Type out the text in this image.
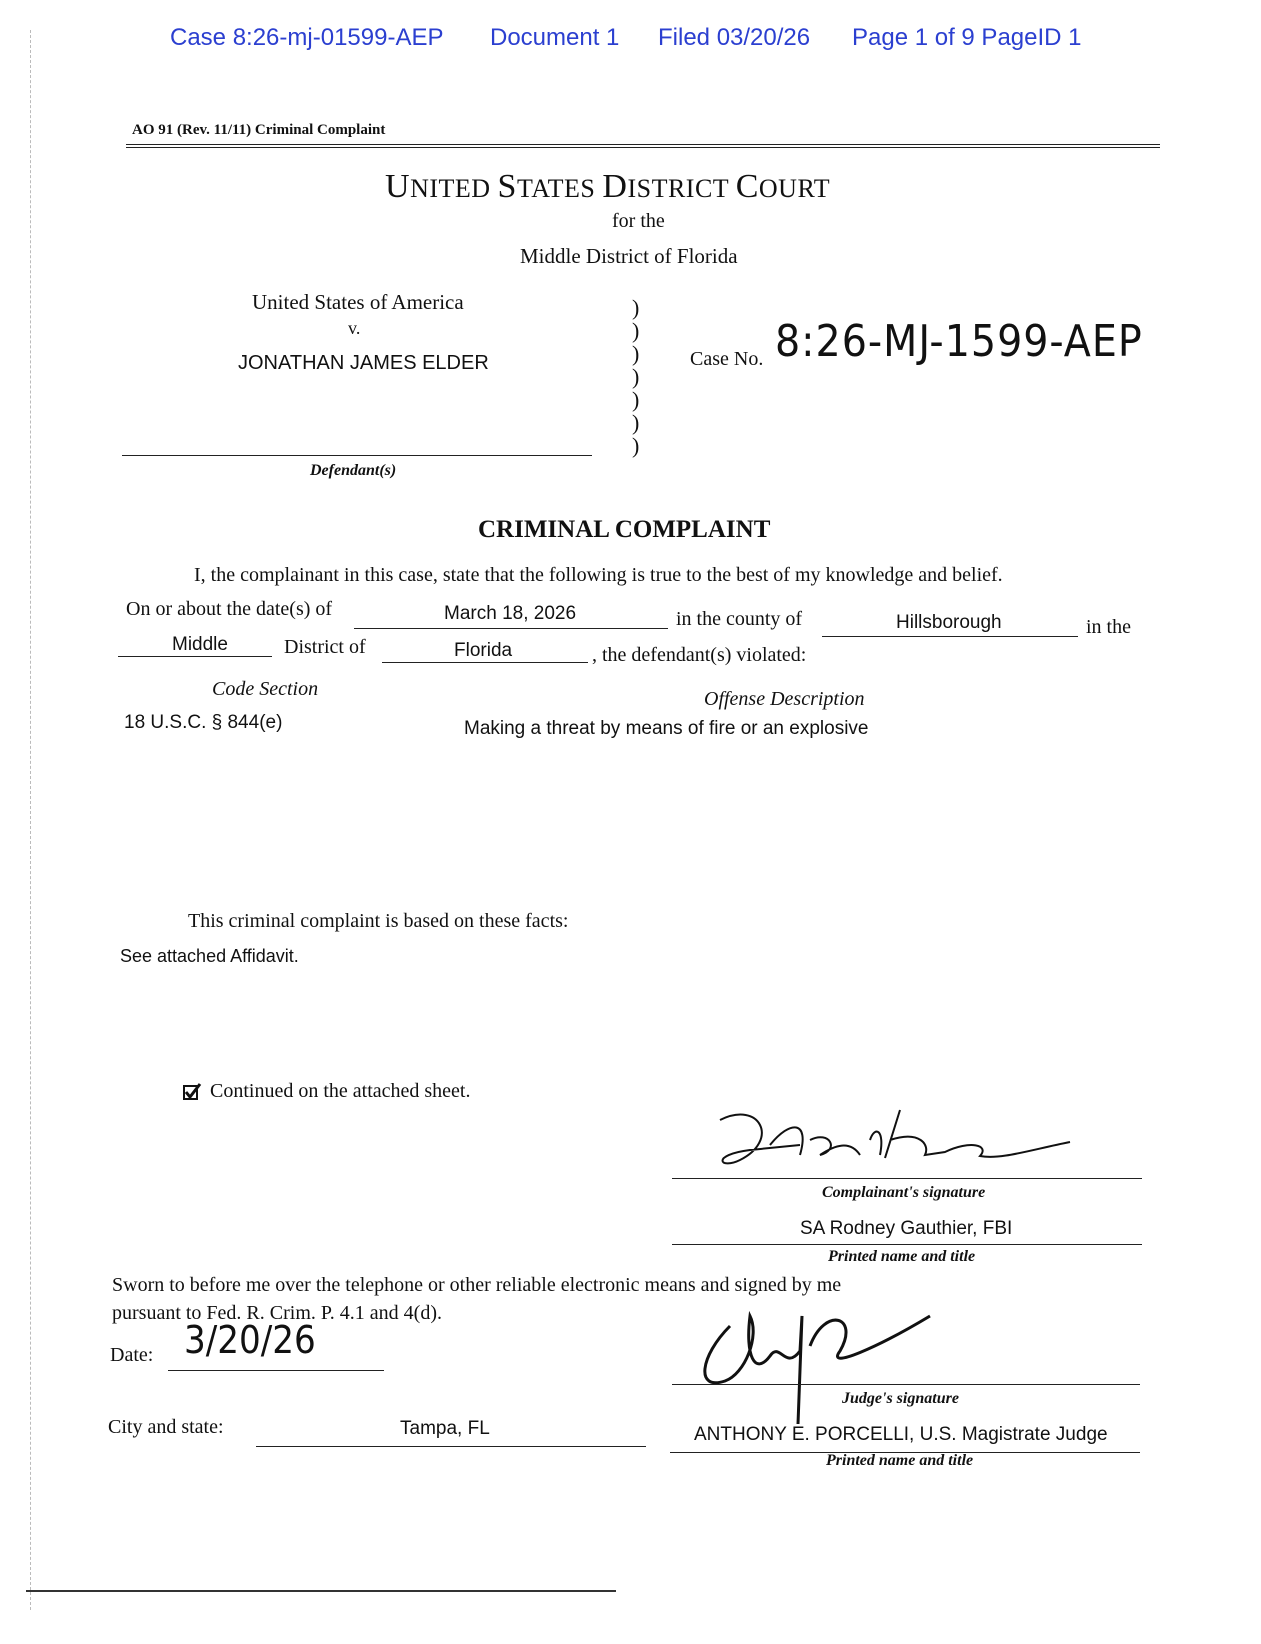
Case 8:26-mj-01599-AEP Document 1 Filed 03/20/26 Page 1 of 9 PageID 1
AO 91 (Rev. 11/11) Criminal Complaint
UNITED STATES DISTRICT COURT
for the
Middle District of Florida
United States of America
v.
JONATHAN JAMES ELDER
Defendant(s)
)
)
)
)
)
)
)
Case No. 8:26-MJ-1599-AEP
CRIMINAL COMPLAINT
I, the complainant in this case, state that the following is true to the best of my knowledge and belief.
On or about the date(s) of	March 18, 2026	in the county of	Hillsborough	in the
Middle	District of	Florida	, the defendant(s) violated:
Code Section	Offense Description
18 U.S.C. § 844(e)	Making a threat by means of fire or an explosive
This criminal complaint is based on these facts:
See attached Affidavit.
Continued on the attached sheet.
Complainant's signature
SA Rodney Gauthier, FBI
Printed name and title
Sworn to before me over the telephone or other reliable electronic means and signed by me
pursuant to Fed. R. Crim. P. 4.1 and 4(d).
Date: 3/20/26
Judge's signature
City and state:	Tampa, FL	ANTHONY E. PORCELLI, U.S. Magistrate Judge
Printed name and title
